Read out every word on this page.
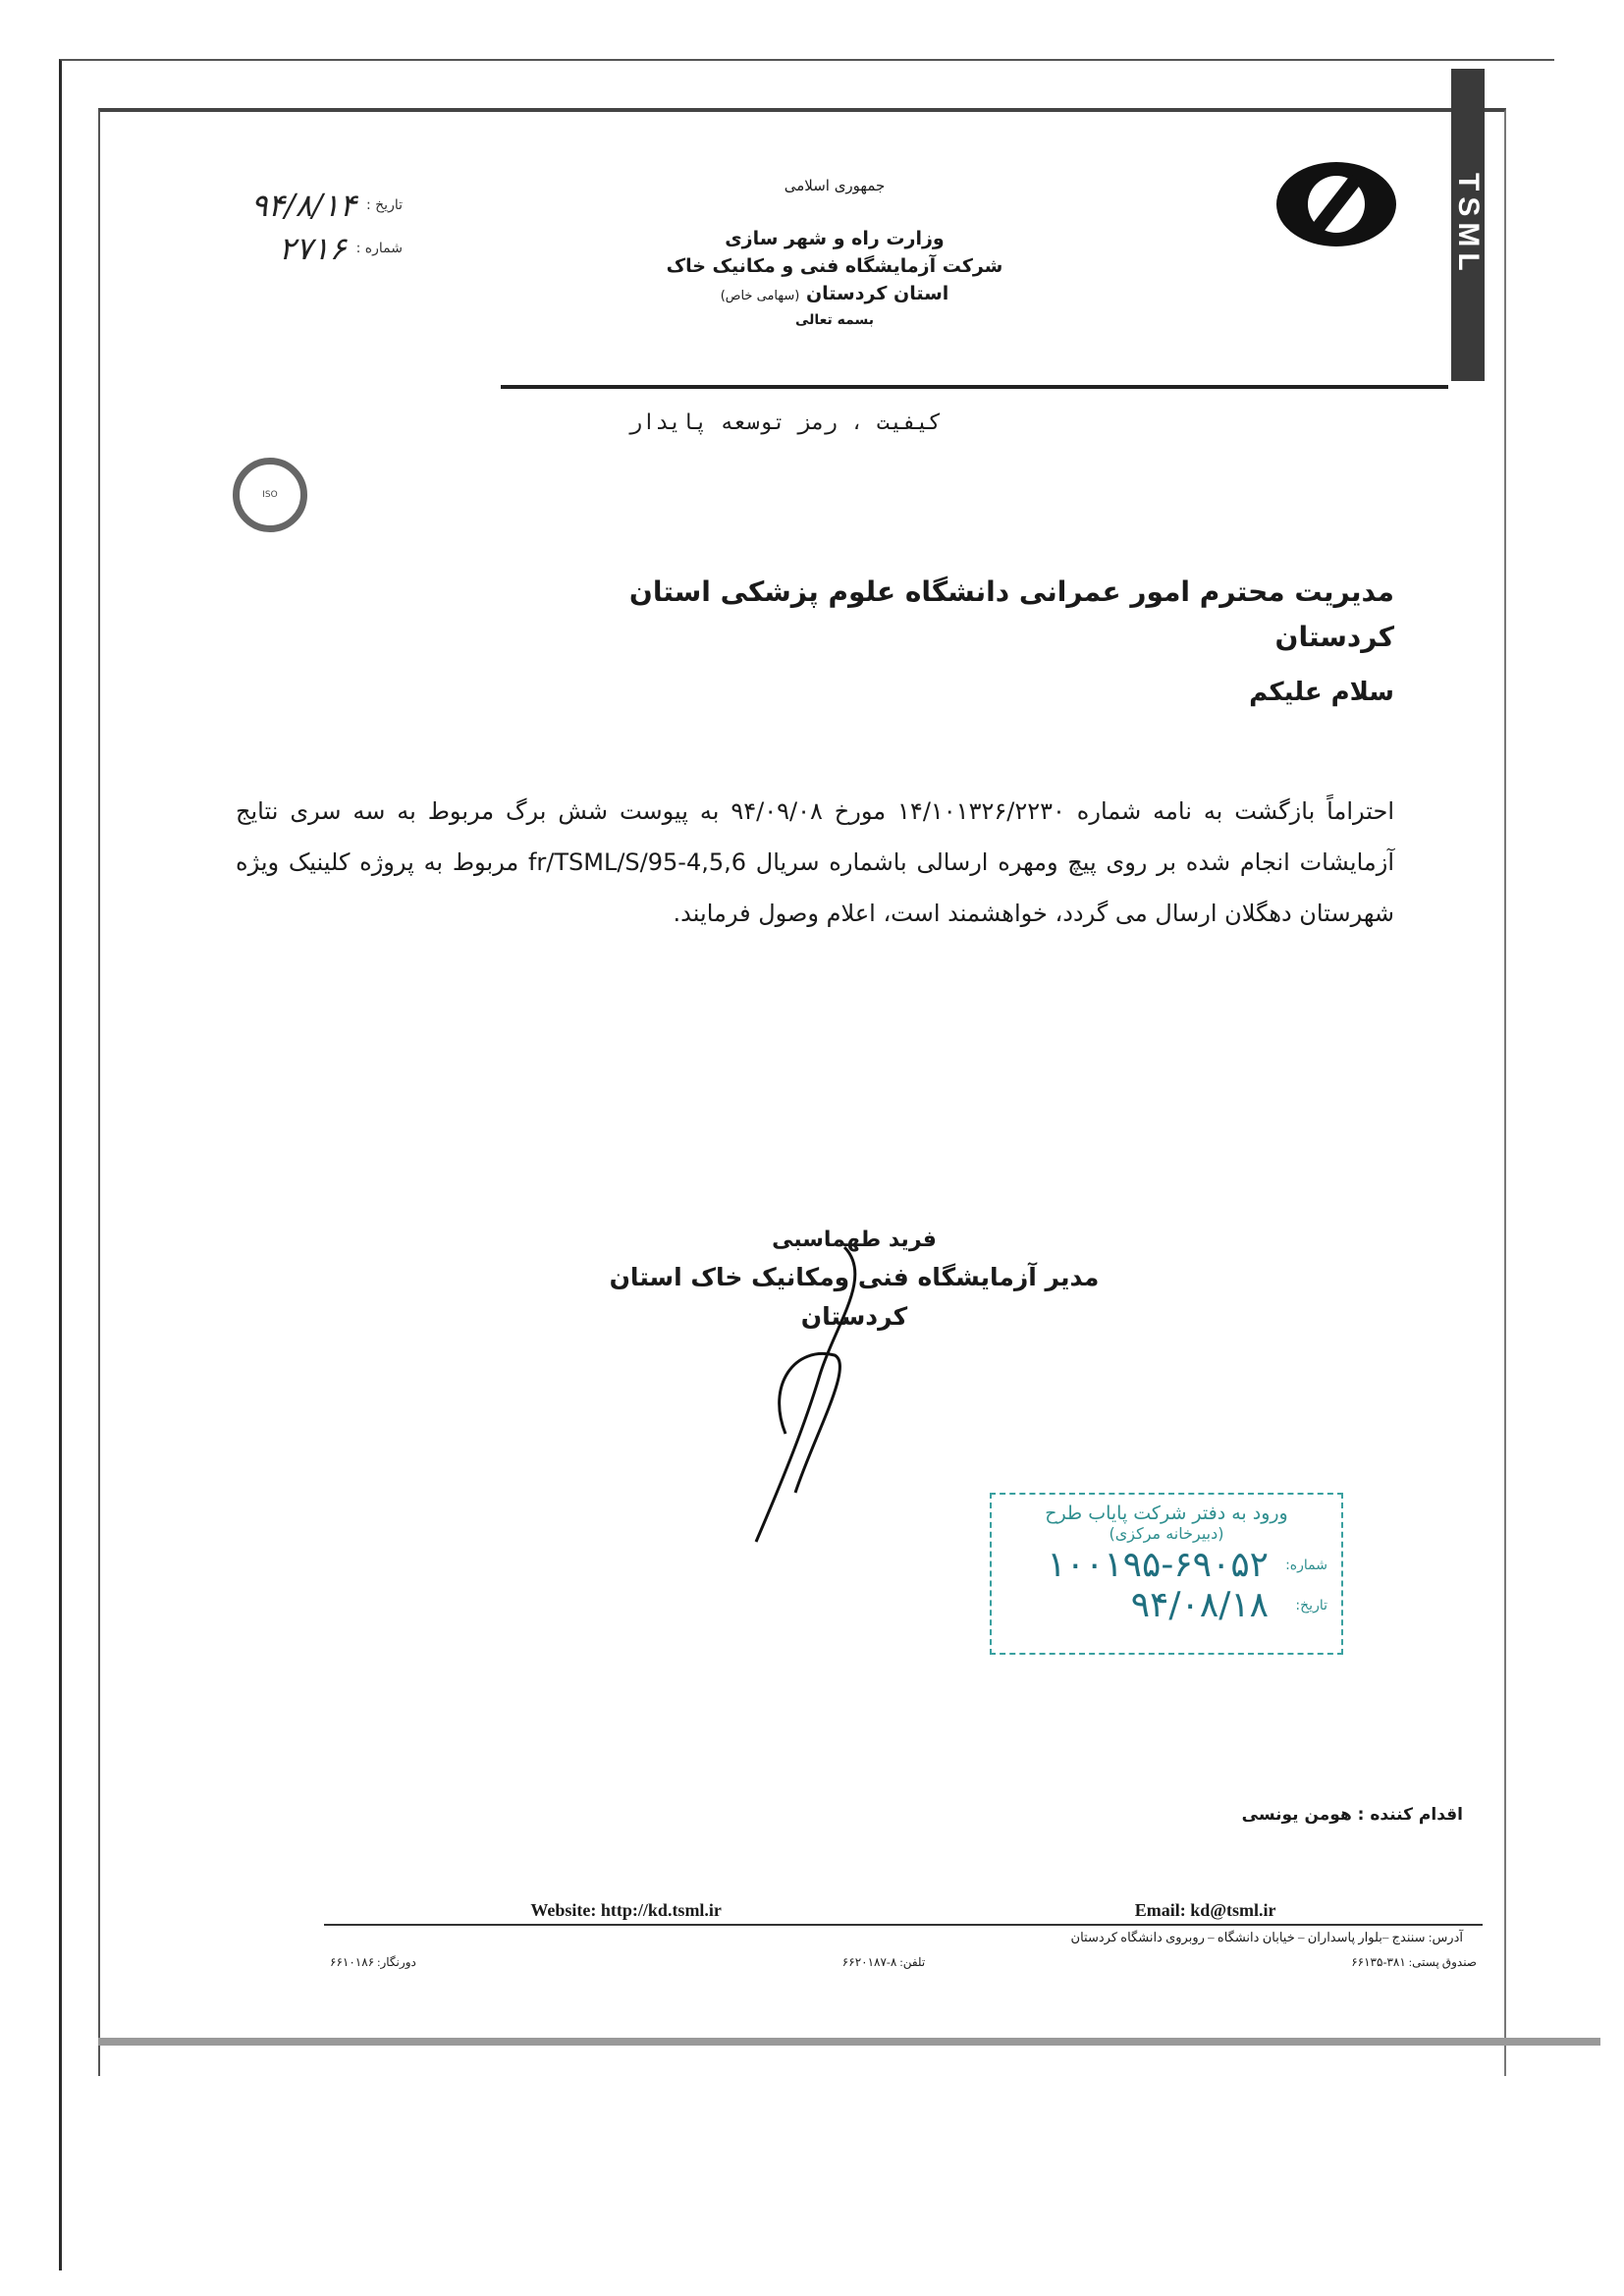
TSML
جمهوری اسلامی
وزارت راه و شهر سازی
شرکت آزمایشگاه فنی و مکانیک خاک
استان کردستان (سهامی خاص)
بسمه تعالی
تاریخ :
۹۴/۸/۱۴
شماره :
۲۷۱۶
کیفیت ، رمز توسعه پایدار
ISO
مدیریت محترم امور عمرانی دانشگاه علوم پزشکی استان کردستان
سلام علیکم
احتراماً بازگشت به نامه شماره ۱۴/۱۰۱۳۲۶/۲۲۳۰ مورخ ۹۴/۰۹/۰۸ به پیوست شش برگ مربوط به سه سری نتایج آزمایشات انجام شده بر روی پیچ ومهره ارسالی باشماره سریال fr/TSML/S/95-4,5,6 مربوط به پروژه کلینیک ویژه شهرستان دهگلان ارسال می گردد، خواهشمند است، اعلام وصول فرمایند.
فرید طهماسبی
مدیر آزمایشگاه فنی ومکانیک خاک استان کردستان
ورود به دفتر شرکت پایاب طرح
(دبیرخانه مرکزی)
شماره:
۱۰۰۱۹۵-۶۹۰۵۲
تاریخ:
۹۴/۰۸/۱۸
اقدام کننده : هومن یونسی
Website: http://kd.tsml.ir	Email: kd@tsml.ir
آدرس: سنندج –بلوار پاسداران – خیابان دانشگاه – روبروی دانشگاه کردستان
صندوق پستی: ۳۸۱-۶۶۱۳۵
تلفن: ۸-۶۶۲۰۱۸۷
دورنگار: ۶۶۱۰۱۸۶
